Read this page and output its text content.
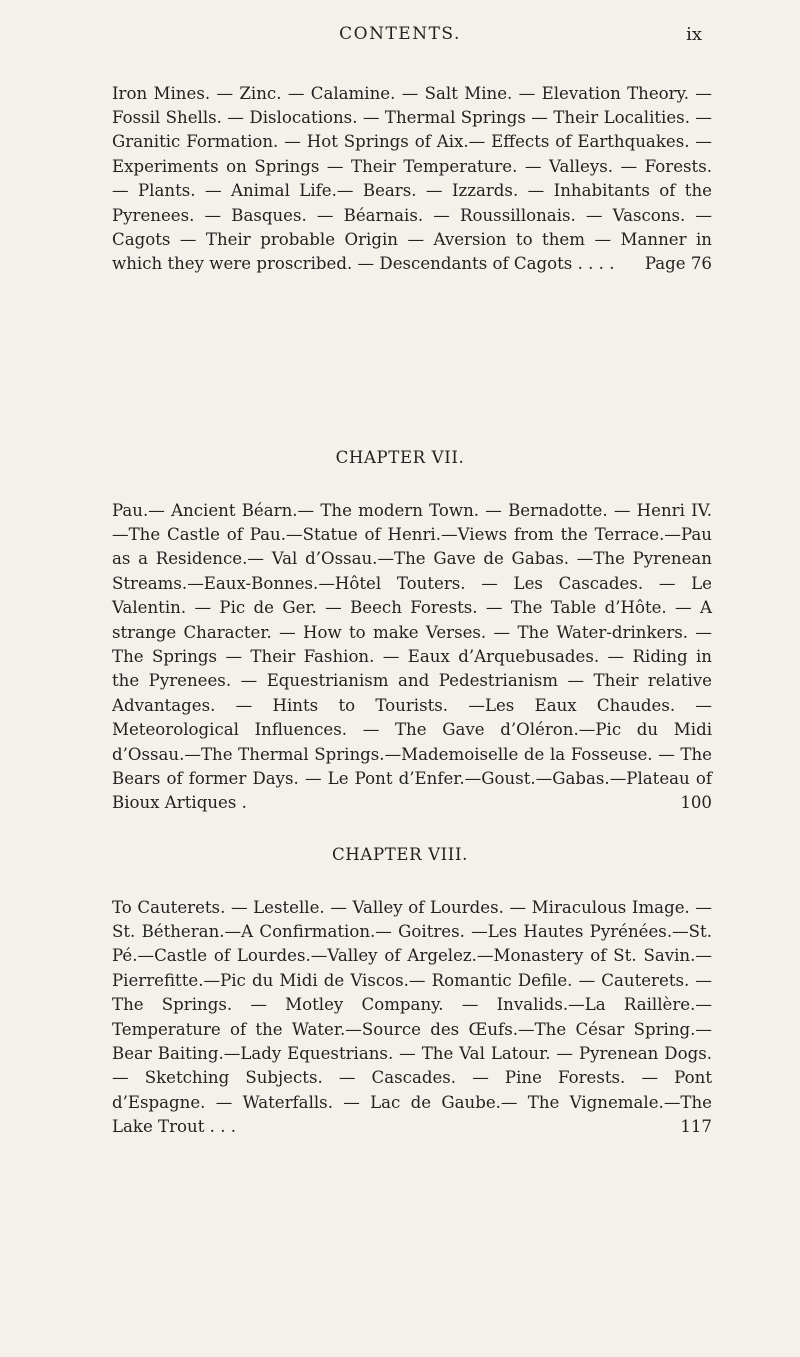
CONTENTS.	ix

Iron Mines. — Zinc. — Calamine. — Salt Mine. — Elevation Theory. — Fossil Shells. — Dislocations. — Thermal Springs — Their Localities. — Granitic Formation. — Hot Springs of Aix.— Effects of Earthquakes. — Experiments on Springs — Their Temperature. — Valleys. — Forests. — Plants. — Animal Life.— Bears. — Izzards. — Inhabitants of the Pyrenees. — Basques. — Béarnais. — Roussillonais. — Vascons. — Cagots — Their probable Origin — Aversion to them — Manner in which they were proscribed. — Descendants of Cagots . . . . Page 76

CHAPTER VII.

Pau.— Ancient Béarn.— The modern Town. — Bernadotte. — Henri IV.—The Castle of Pau.—Statue of Henri.—Views from the Terrace.—Pau as a Residence.— Val d’Ossau.—The Gave de Gabas. —The Pyrenean Streams.—Eaux-Bonnes.—Hôtel Touters. — Les Cascades. — Le Valentin. — Pic de Ger. — Beech Forests. — The Table d’Hôte. — A strange Character. — How to make Verses. — The Water-drinkers. — The Springs — Their Fashion. — Eaux d’Arquebusades. — Riding in the Pyrenees. — Equestrianism and Pedestrianism — Their relative Advantages. — Hints to Tourists. —Les Eaux Chaudes. — Meteorological Influences. — The Gave d’Oléron.—Pic du Midi d’Ossau.—The Thermal Springs.—Mademoiselle de la Fosseuse. — The Bears of former Days. — Le Pont d’Enfer.—Goust.—Gabas.—Plateau of Bioux Artiques .	100

CHAPTER VIII.

To Cauterets. — Lestelle. — Valley of Lourdes. — Miraculous Image. —St. Bétheran.—A Confirmation.— Goitres. —Les Hautes Pyrénées.—St. Pé.—Castle of Lourdes.—Valley of Argelez.—Monastery of St. Savin.—Pierrefitte.—Pic du Midi de Viscos.— Romantic Defile. — Cauterets. — The Springs. — Motley Company. — Invalids.—La Raillère.—Temperature of the Water.—Source des Œufs.—The César Spring.—Bear Baiting.—Lady Equestrians. — The Val Latour. — Pyrenean Dogs. — Sketching Subjects. — Cascades. — Pine Forests. — Pont d’Espagne. — Waterfalls. — Lac de Gaube.— The Vignemale.—The Lake Trout . . .	117
